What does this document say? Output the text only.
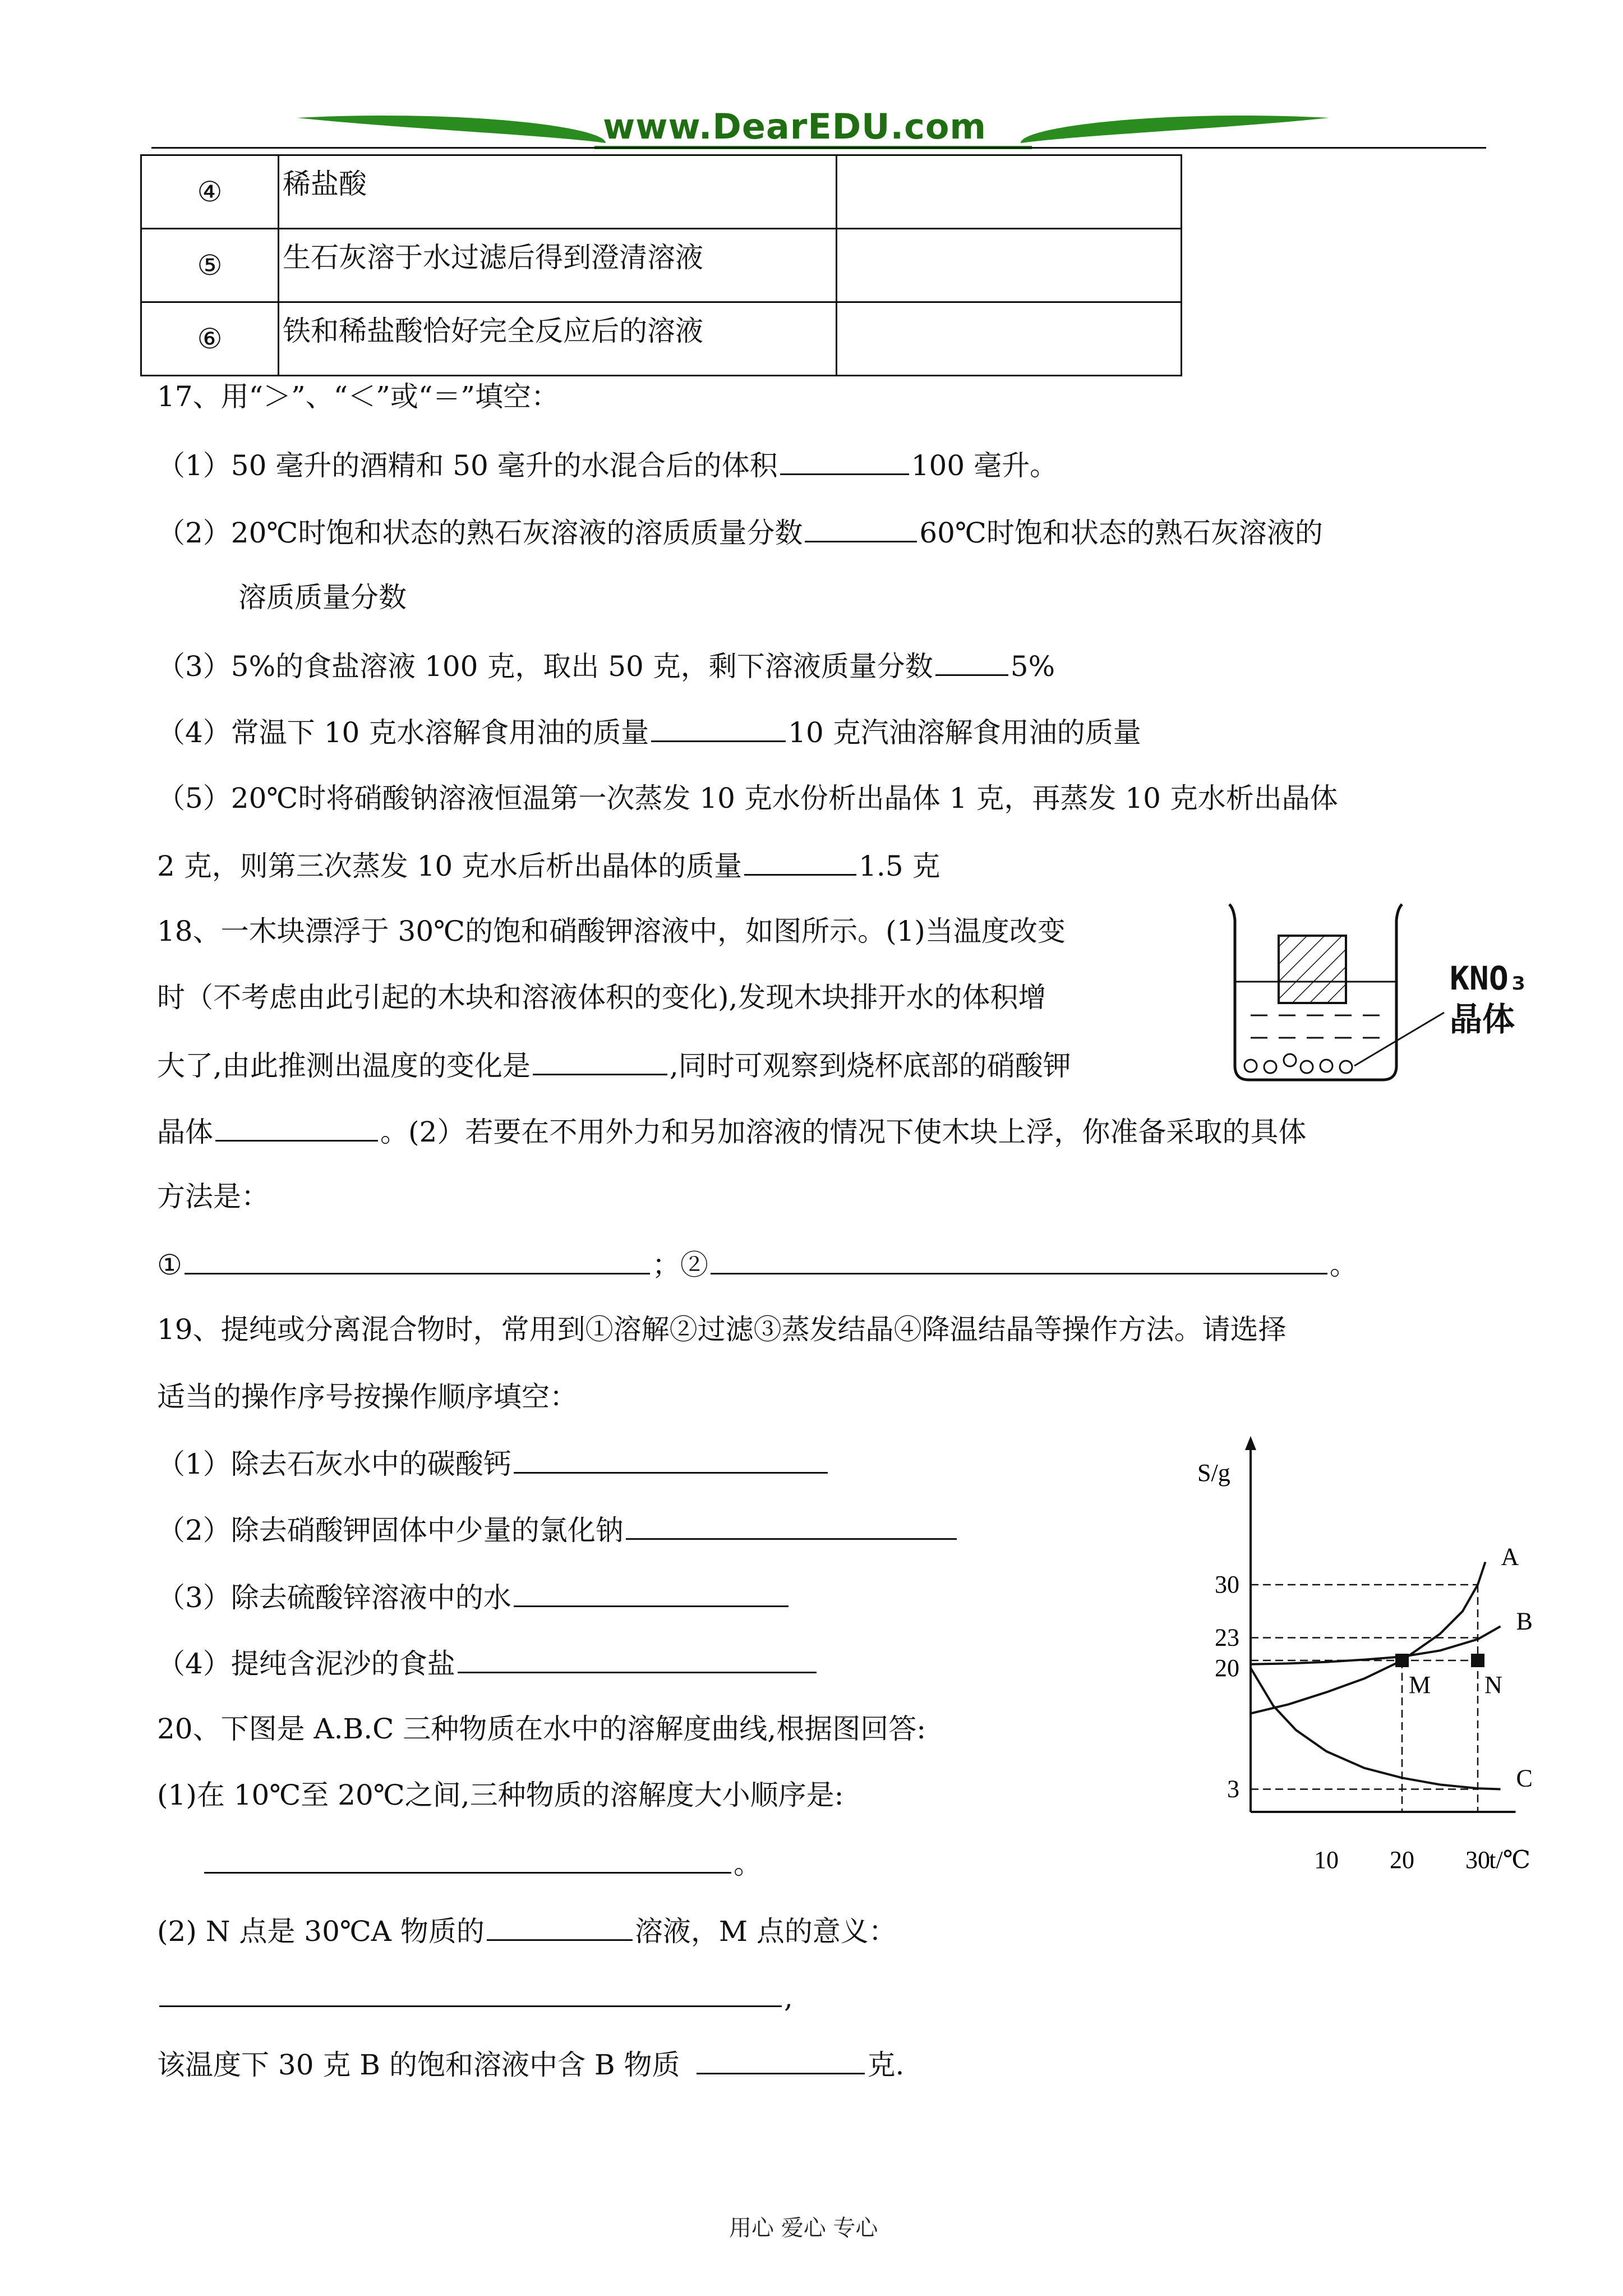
www.DearEDU.com
④	稀盐酸	
⑤	生石灰溶于水过滤后得到澄清溶液	
⑥	铁和稀盐酸恰好完全反应后的溶液	
17、用“＞”、“＜”或“＝”填空：
（1）50 毫升的酒精和 50 毫升的水混合后的体积	100 毫升。
（2）20℃时饱和状态的熟石灰溶液的溶质质量分数	60℃时饱和状态的熟石灰溶液的
溶质质量分数
（3）5%的食盐溶液 100 克，取出 50 克，剩下溶液质量分数	5%
（4）常温下 10 克水溶解食用油的质量	10 克汽油溶解食用油的质量
（5）20℃时将硝酸钠溶液恒温第一次蒸发 10 克水份析出晶体 1 克，再蒸发 10 克水析出晶体
2 克，则第三次蒸发 10 克水后析出晶体的质量	1.5 克
18、一木块漂浮于 30℃的饱和硝酸钾溶液中，如图所示。(1)当温度改变
时（不考虑由此引起的木块和溶液体积的变化),发现木块排开水的体积增
大了,由此推测出温度的变化是	,同时可观察到烧杯底部的硝酸钾
晶体	。(2）若要在不用外力和另加溶液的情况下使木块上浮，你准备采取的具体
方法是：
①	；②	。
KNO₃
晶体
19、提纯或分离混合物时，常用到①溶解②过滤③蒸发结晶④降温结晶等操作方法。请选择
适当的操作序号按操作顺序填空：
（1）除去石灰水中的碳酸钙
（2）除去硝酸钾固体中少量的氯化钠
（3）除去硫酸锌溶液中的水
（4）提纯含泥沙的食盐
20、下图是 A.B.C 三种物质在水中的溶解度曲线,根据图回答:
(1)在 10℃至 20℃之间,三种物质的溶解度大小顺序是:
。
(2) N 点是 30℃A 物质的	溶液，M 点的意义：
,
该温度下 30 克 B 的饱和溶液中含 B 物质	克.
S/g
t/℃
3
20
23
30
10 20 30
A
B
C
M N
用心 爱心 专心
